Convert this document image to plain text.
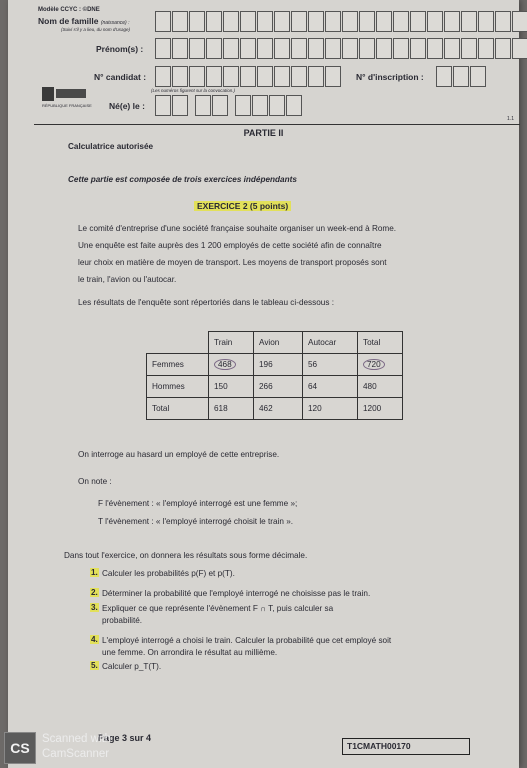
Modèle CCYC : ©DNE
Nom de famille (naissance) :
(Suivi s'il y a lieu, du nom d'usage)
Prénom(s) :
N° candidat :
(Les numéros figurent sur la convocation.)
N° d'inscription :
Né(e) le :
RÉPUBLIQUE FRANÇAISE
1.1
PARTIE II
Calculatrice autorisée
Cette partie est composée de trois exercices indépendants
EXERCICE 2 (5 points)
Le comité d'entreprise d'une société française souhaite organiser un week-end à Rome.
Une enquête est faite auprès des 1 200 employés de cette société afin de connaître
leur choix en matière de moyen de transport. Les moyens de transport proposés sont
le train, l'avion ou l'autocar.
Les résultats de l'enquête sont répertoriés dans le tableau ci-dessous :
	Train	Avion	Autocar	Total
Femmes	468	196	56	720
Hommes	150	266	64	480
Total	618	462	120	1200
On interroge au hasard un employé de cette entreprise.
On note :
F l'évènement : « l'employé interrogé est une femme »;
T l'évènement : « l'employé interrogé choisit le train ».
Dans tout l'exercice, on donnera les résultats sous forme décimale.
1. Calculer les probabilités p(F) et p(T).
2. Déterminer la probabilité que l'employé interrogé ne choisisse pas le train.
3. Expliquer ce que représente l'évènement F ∩ T, puis calculer sa
probabilité.
4. L'employé interrogé a choisi le train. Calculer la probabilité que cet employé soit
une femme. On arrondira le résultat au millième.
5. Calculer p_T(T).
Page 3 sur 4
T1CMATH00170
CS
Scanned with
CamScanner
